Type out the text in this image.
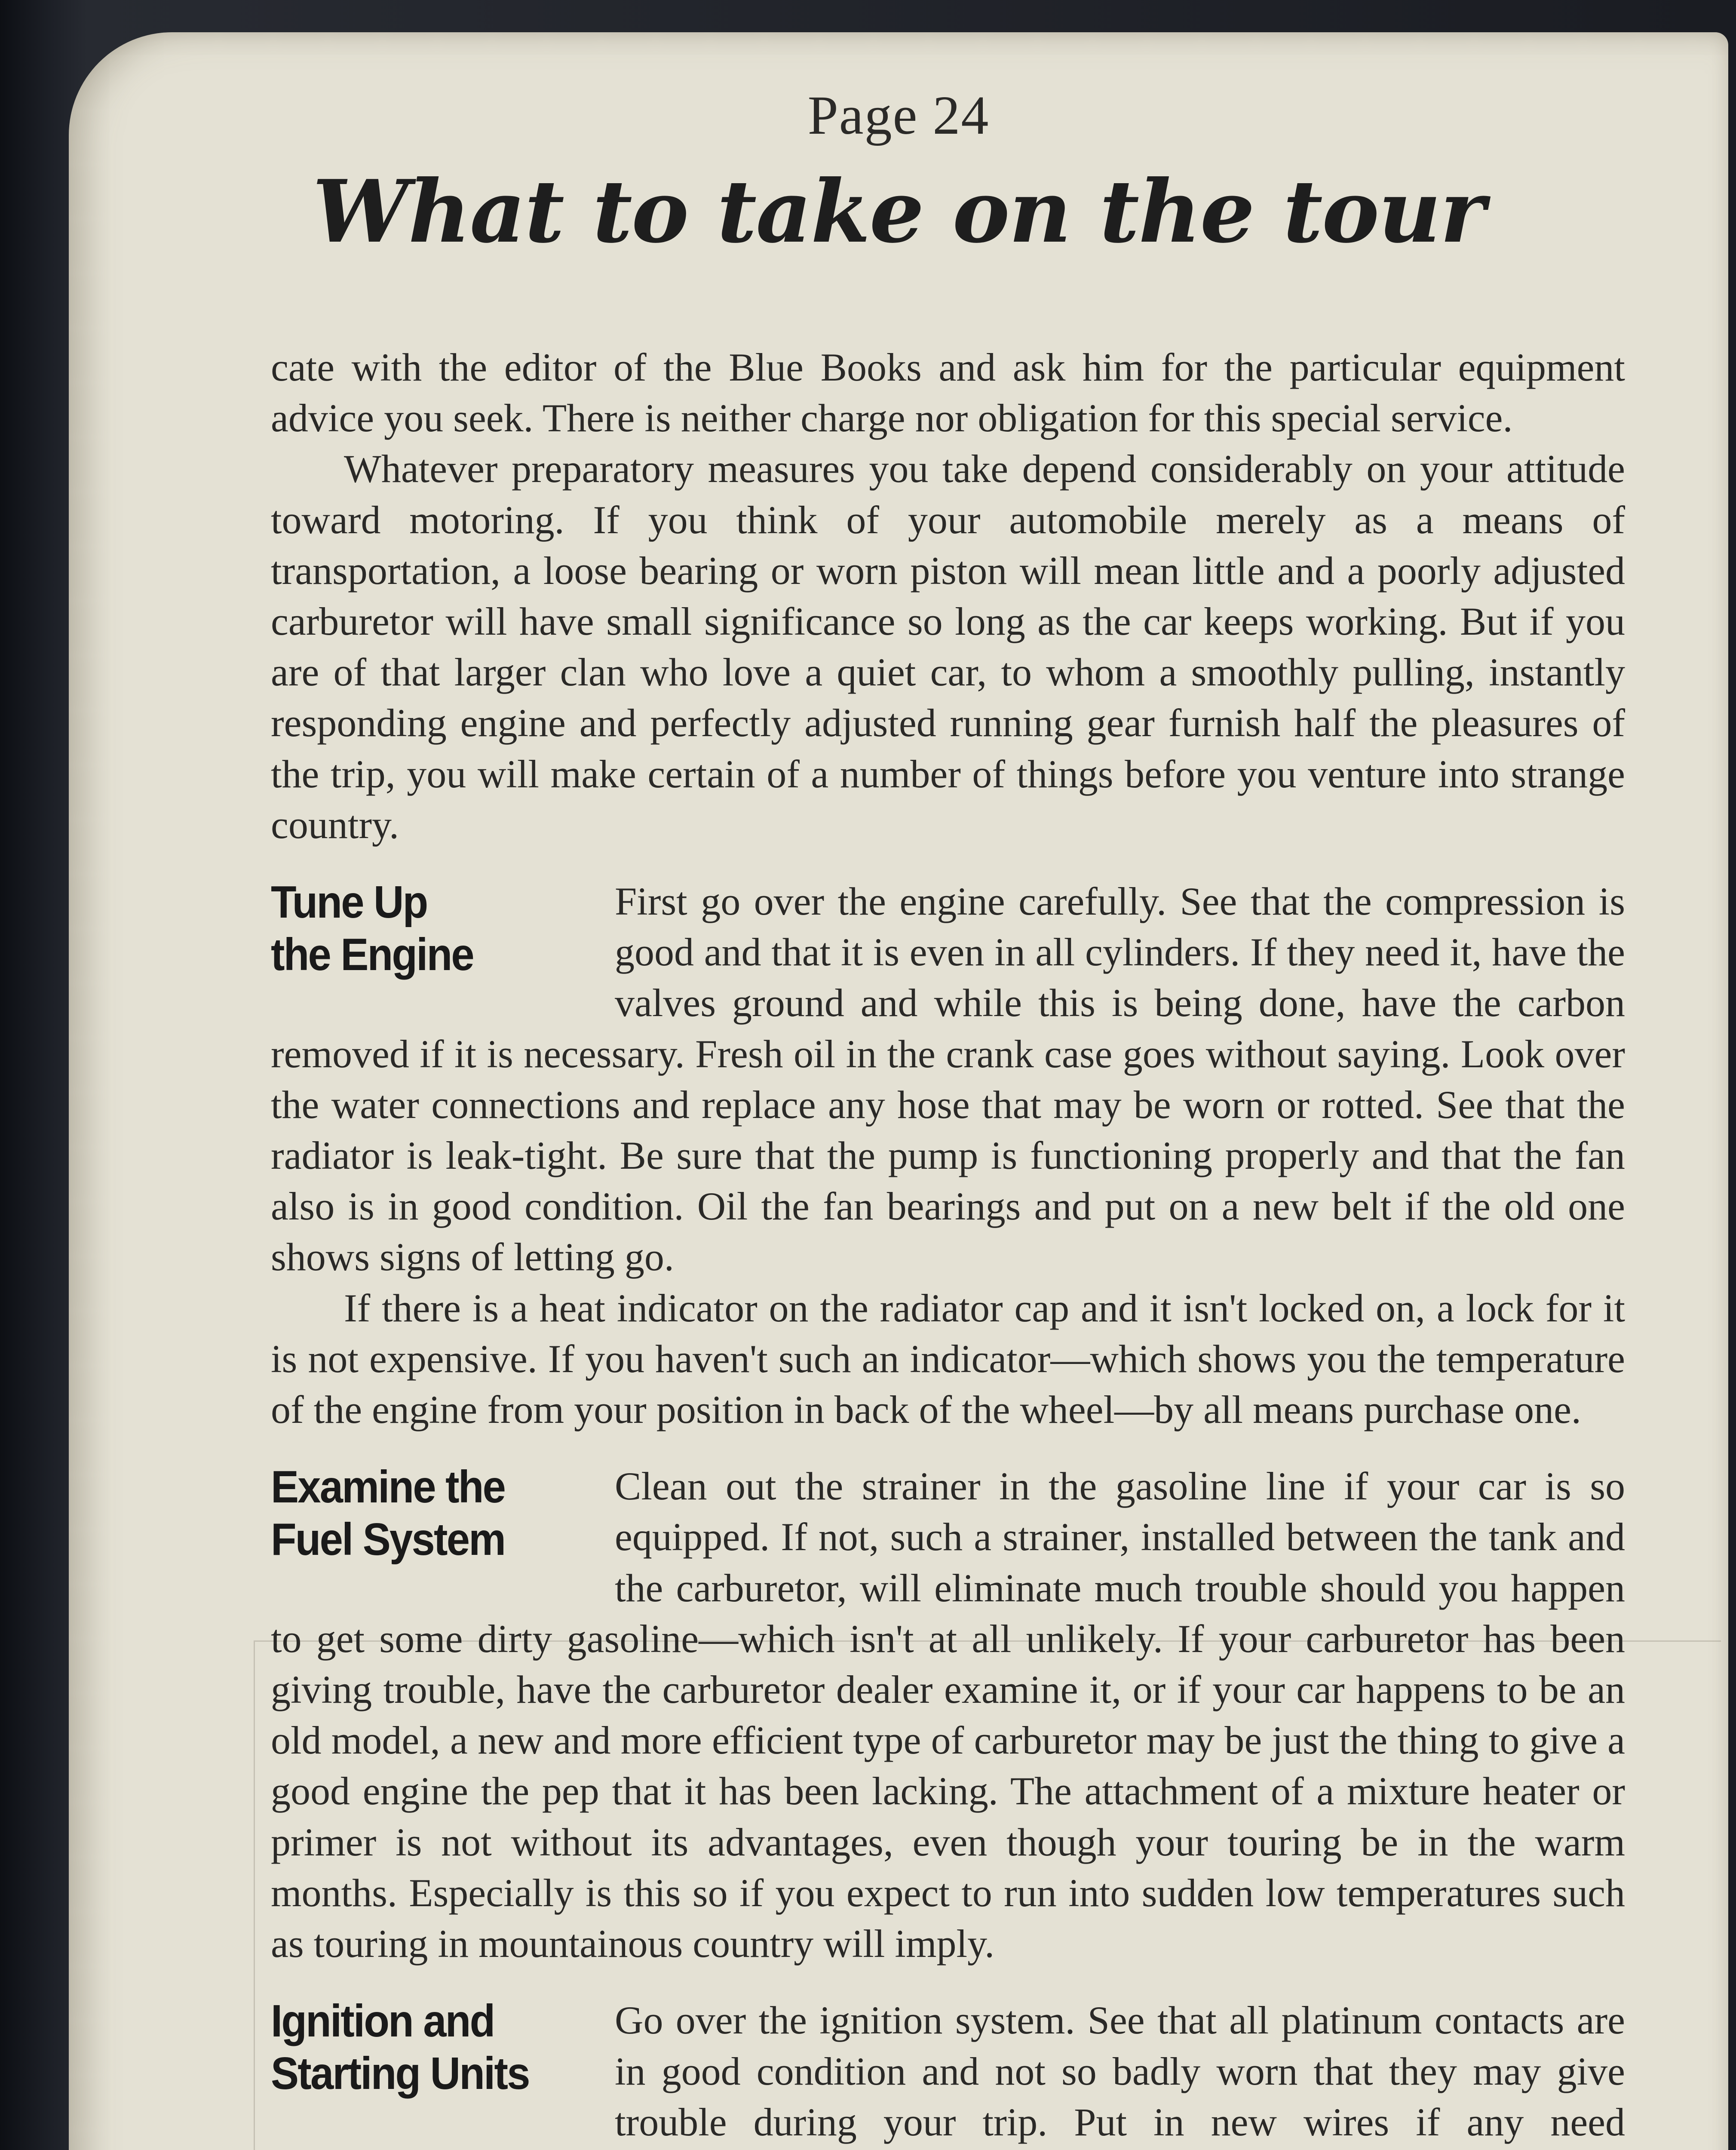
Page 24
What to take on the tour

cate with the editor of the Blue Books and ask him for the particular equipment advice you seek. There is neither charge nor obligation for this special service.

Whatever preparatory measures you take depend considerably on your attitude toward motoring. If you think of your automobile merely as a means of transportation, a loose bearing or worn piston will mean little and a poorly adjusted carburetor will have small significance so long as the car keeps working. But if you are of that larger clan who love a quiet car, to whom a smoothly pulling, instantly responding engine and perfectly adjusted running gear furnish half the pleasures of the trip, you will make certain of a number of things before you venture into strange country.

Tune Up
the Engine

First go over the engine carefully. See that the compression is good and that it is even in all cylinders. If they need it, have the valves ground and while this is being done, have the carbon removed if it is necessary. Fresh oil in the crank case goes without saying. Look over the water connections and replace any hose that may be worn or rotted. See that the radiator is leak-tight. Be sure that the pump is functioning properly and that the fan also is in good condition. Oil the fan bearings and put on a new belt if the old one shows signs of letting go.

If there is a heat indicator on the radiator cap and it isn't locked on, a lock for it is not expensive. If you haven't such an indicator—which shows you the temperature of the engine from your position in back of the wheel—by all means purchase one.

Examine the
Fuel System

Clean out the strainer in the gasoline line if your car is so equipped. If not, such a strainer, installed between the tank and the carburetor, will eliminate much trouble should you happen to get some dirty gasoline—which isn't at all unlikely. If your carburetor has been giving trouble, have the carburetor dealer examine it, or if your car happens to be an old model, a new and more efficient type of carburetor may be just the thing to give a good engine the pep that it has been lacking. The attachment of a mixture heater or primer is not without its advantages, even though your touring be in the warm months. Especially is this so if you expect to run into sudden low temperatures such as touring in mountainous country will imply.

Ignition and
Starting Units

Go over the ignition system. See that all platinum contacts are in good condition and not so badly worn that they may give trouble during your trip. Put in new wires if any need
